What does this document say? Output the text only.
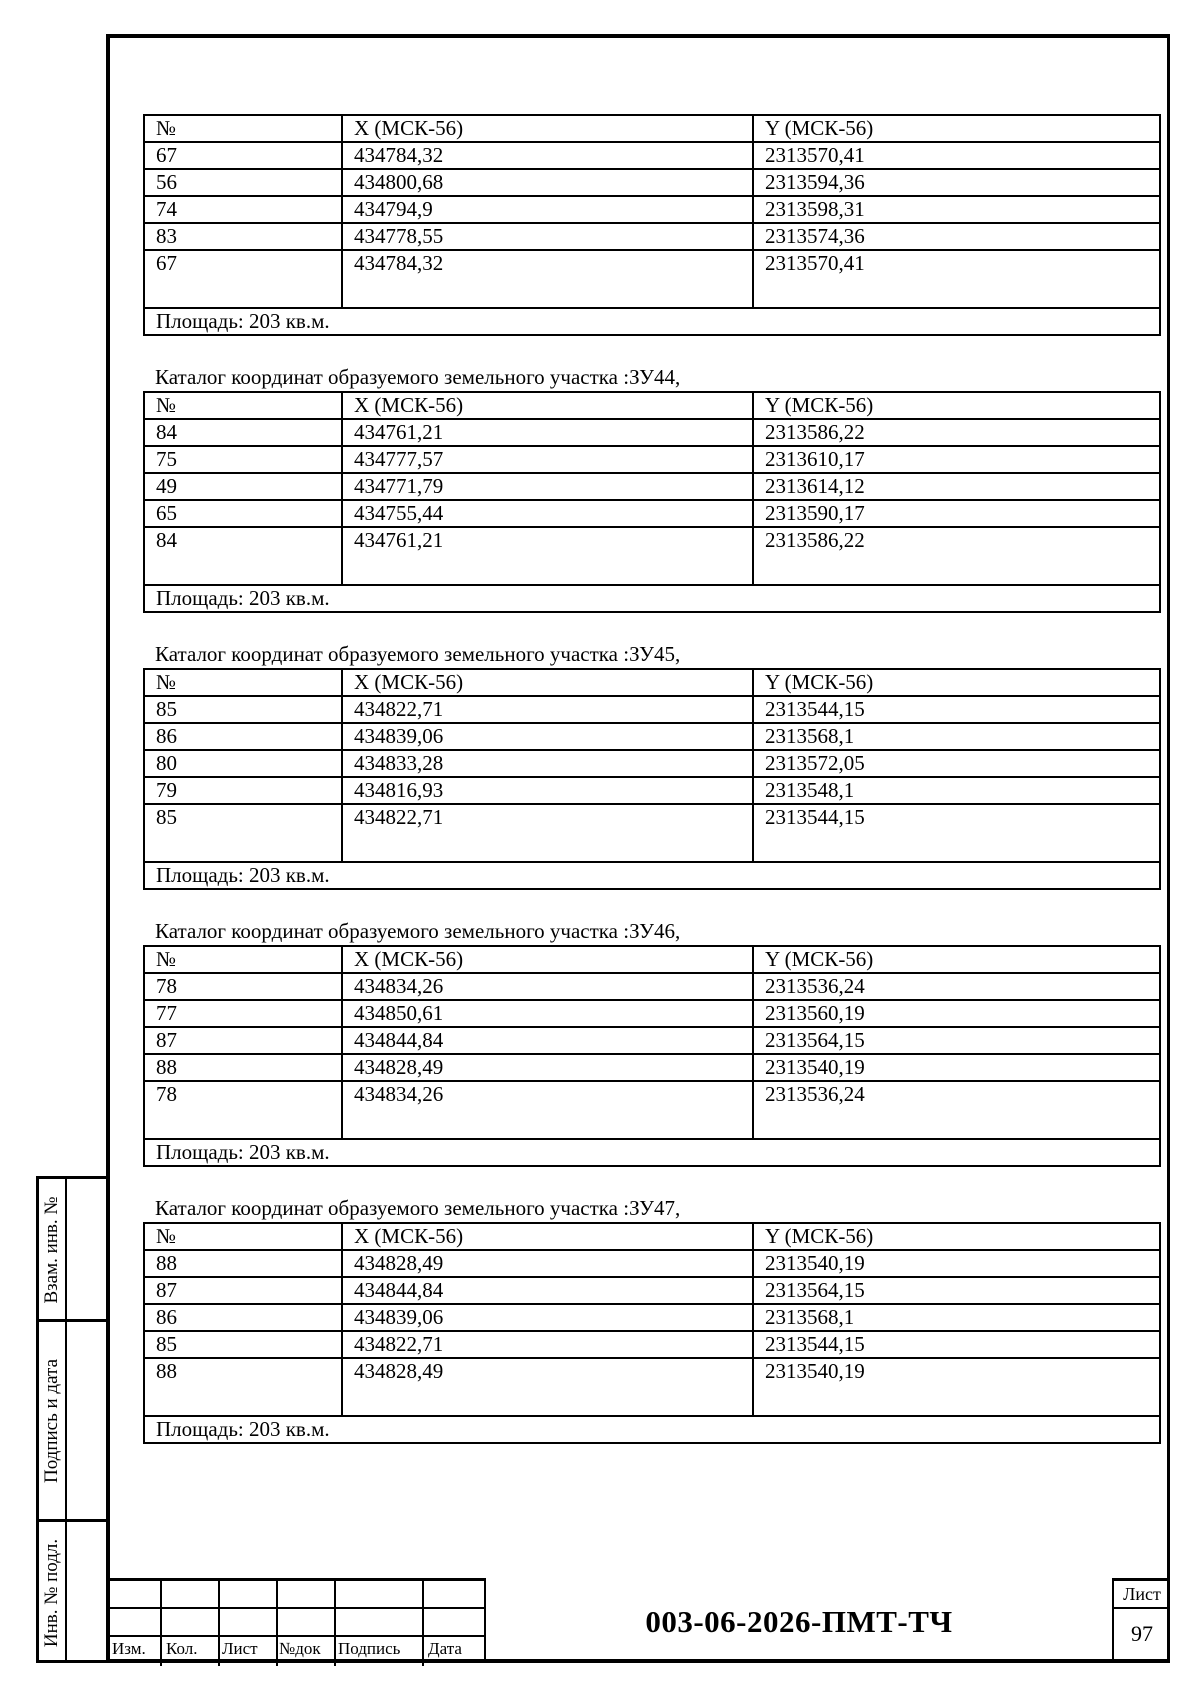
Взам. инв. №
Подпись и дата
Инв. № подл.
№	X (МСК-56)	Y (МСК-56)
67	434784,32	2313570,41
56	434800,68	2313594,36
74	434794,9	2313598,31
83	434778,55	2313574,36
67	434784,32	2313570,41
Площадь: 203 кв.м.		
Каталог координат образуемого земельного участка :ЗУ44,
№	X (МСК-56)	Y (МСК-56)
84	434761,21	2313586,22
75	434777,57	2313610,17
49	434771,79	2313614,12
65	434755,44	2313590,17
84	434761,21	2313586,22
Площадь: 203 кв.м.		
Каталог координат образуемого земельного участка :ЗУ45,
№	X (МСК-56)	Y (МСК-56)
85	434822,71	2313544,15
86	434839,06	2313568,1
80	434833,28	2313572,05
79	434816,93	2313548,1
85	434822,71	2313544,15
Площадь: 203 кв.м.		
Каталог координат образуемого земельного участка :ЗУ46,
№	X (МСК-56)	Y (МСК-56)
78	434834,26	2313536,24
77	434850,61	2313560,19
87	434844,84	2313564,15
88	434828,49	2313540,19
78	434834,26	2313536,24
Площадь: 203 кв.м.		
Каталог координат образуемого земельного участка :ЗУ47,
№	X (МСК-56)	Y (МСК-56)
88	434828,49	2313540,19
87	434844,84	2313564,15
86	434839,06	2313568,1
85	434822,71	2313544,15
88	434828,49	2313540,19
Площадь: 203 кв.м.		
Изм. Кол. Лист №док Подпись Дата
003-06-2026-ПМТ-ТЧ
Лист
97
